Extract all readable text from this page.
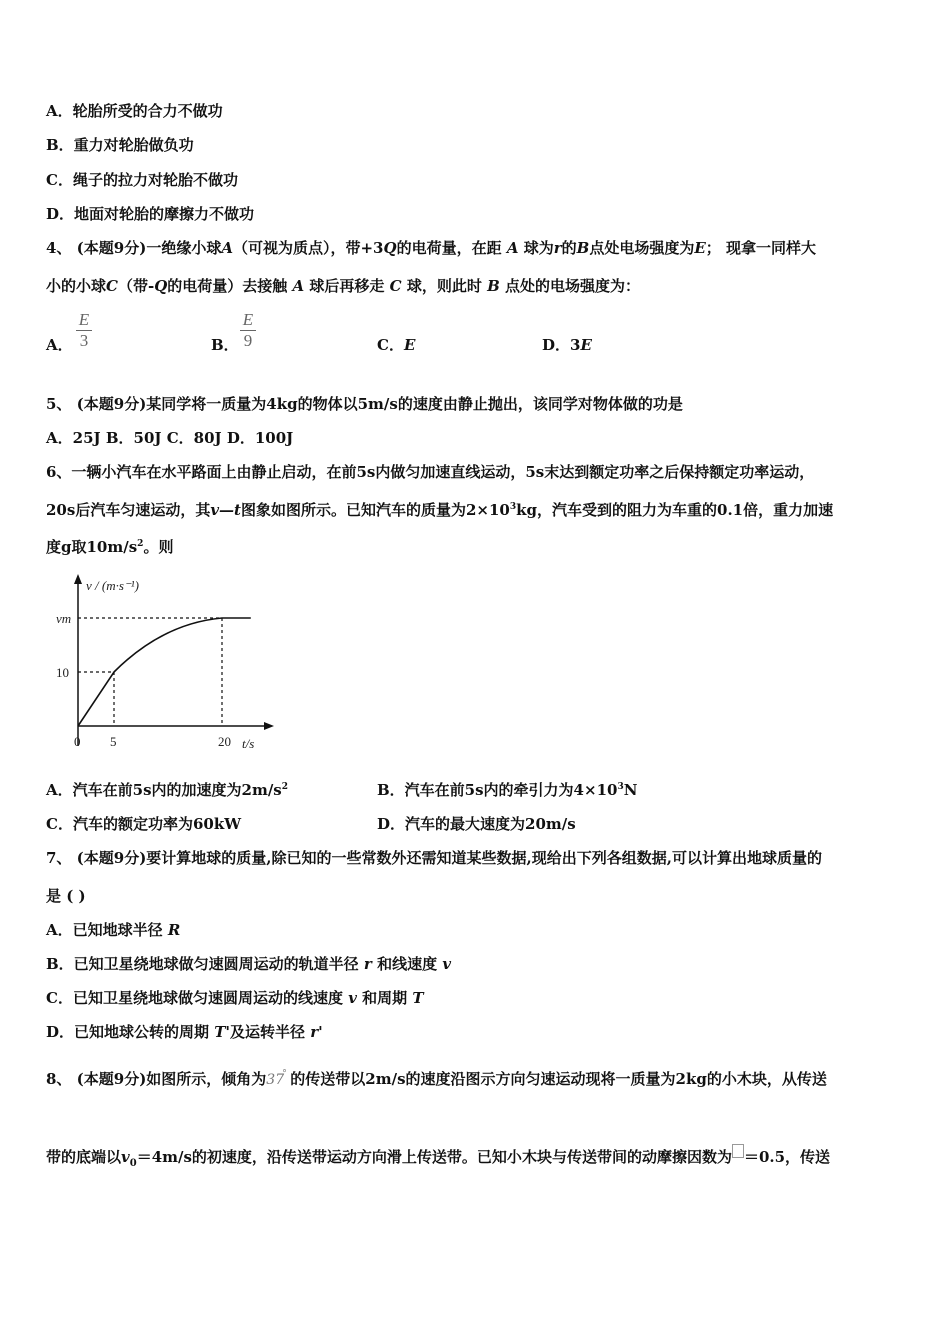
A．轮胎所受的合力不做功
B．重力对轮胎做负功
C．绳子的拉力对轮胎不做功
D．地面对轮胎的摩擦力不做功
4、 (本题9分)一绝缘小球A（可视为质点），带+3Q的电荷量，在距 A 球为r的B点处电场强度为E； 现拿一同样大
小的小球C（带-Q的电荷量）去接触 A 球后再移走 C 球，则此时 B 点处的电场强度为：
A．
E
3	B．
E
9	C．E	D．3E
5、 (本题9分)某同学将一质量为4kg的物体以5m/s的速度由静止抛出，该同学对物体做的功是
A．25J B．50J C．80J D．100J
6、一辆小汽车在水平路面上由静止启动，在前5s内做匀加速直线运动，5s末达到额定功率之后保持额定功率运动，
20s后汽车匀速运动，其v—t图象如图所示。已知汽车的质量为$2\times 10^3kg$，汽车受到的阻力为车重的0.1倍，重力加速
度g取$10m/s^2$。则
v / (m·s⁻¹)
t/s
0 5	20
10
vm
A．汽车在前5s内的加速度为$2m/s^2$	B．汽车在前5s内的牵引力为$4\times 10^3N$
C．汽车的额定功率为60kW	D．汽车的最大速度为20m/s
7、 (本题9分)要计算地球的质量,除已知的一些常数外还需知道某些数据,现给出下列各组数据,可以计算出地球质量的
是 ( )
A．已知地球半径 R
B．已知卫星绕地球做匀速圆周运动的轨道半径 r 和线速度 v
C．已知卫星绕地球做匀速圆周运动的线速度 v 和周期 T
D．已知地球公转的周期 T'及运转半径 r'
8、 (本题9分)如图所示，倾角为 37
° 的传送带以2m/s的速度沿图示方向匀速运动现将一质量为2kg的小木块，从传送
带的底端以$v_0=4m/s$的初速度，沿传送带运动方向滑上传送带。已知小木块与传送带间的动摩擦因数为 ＝0.5，传送
